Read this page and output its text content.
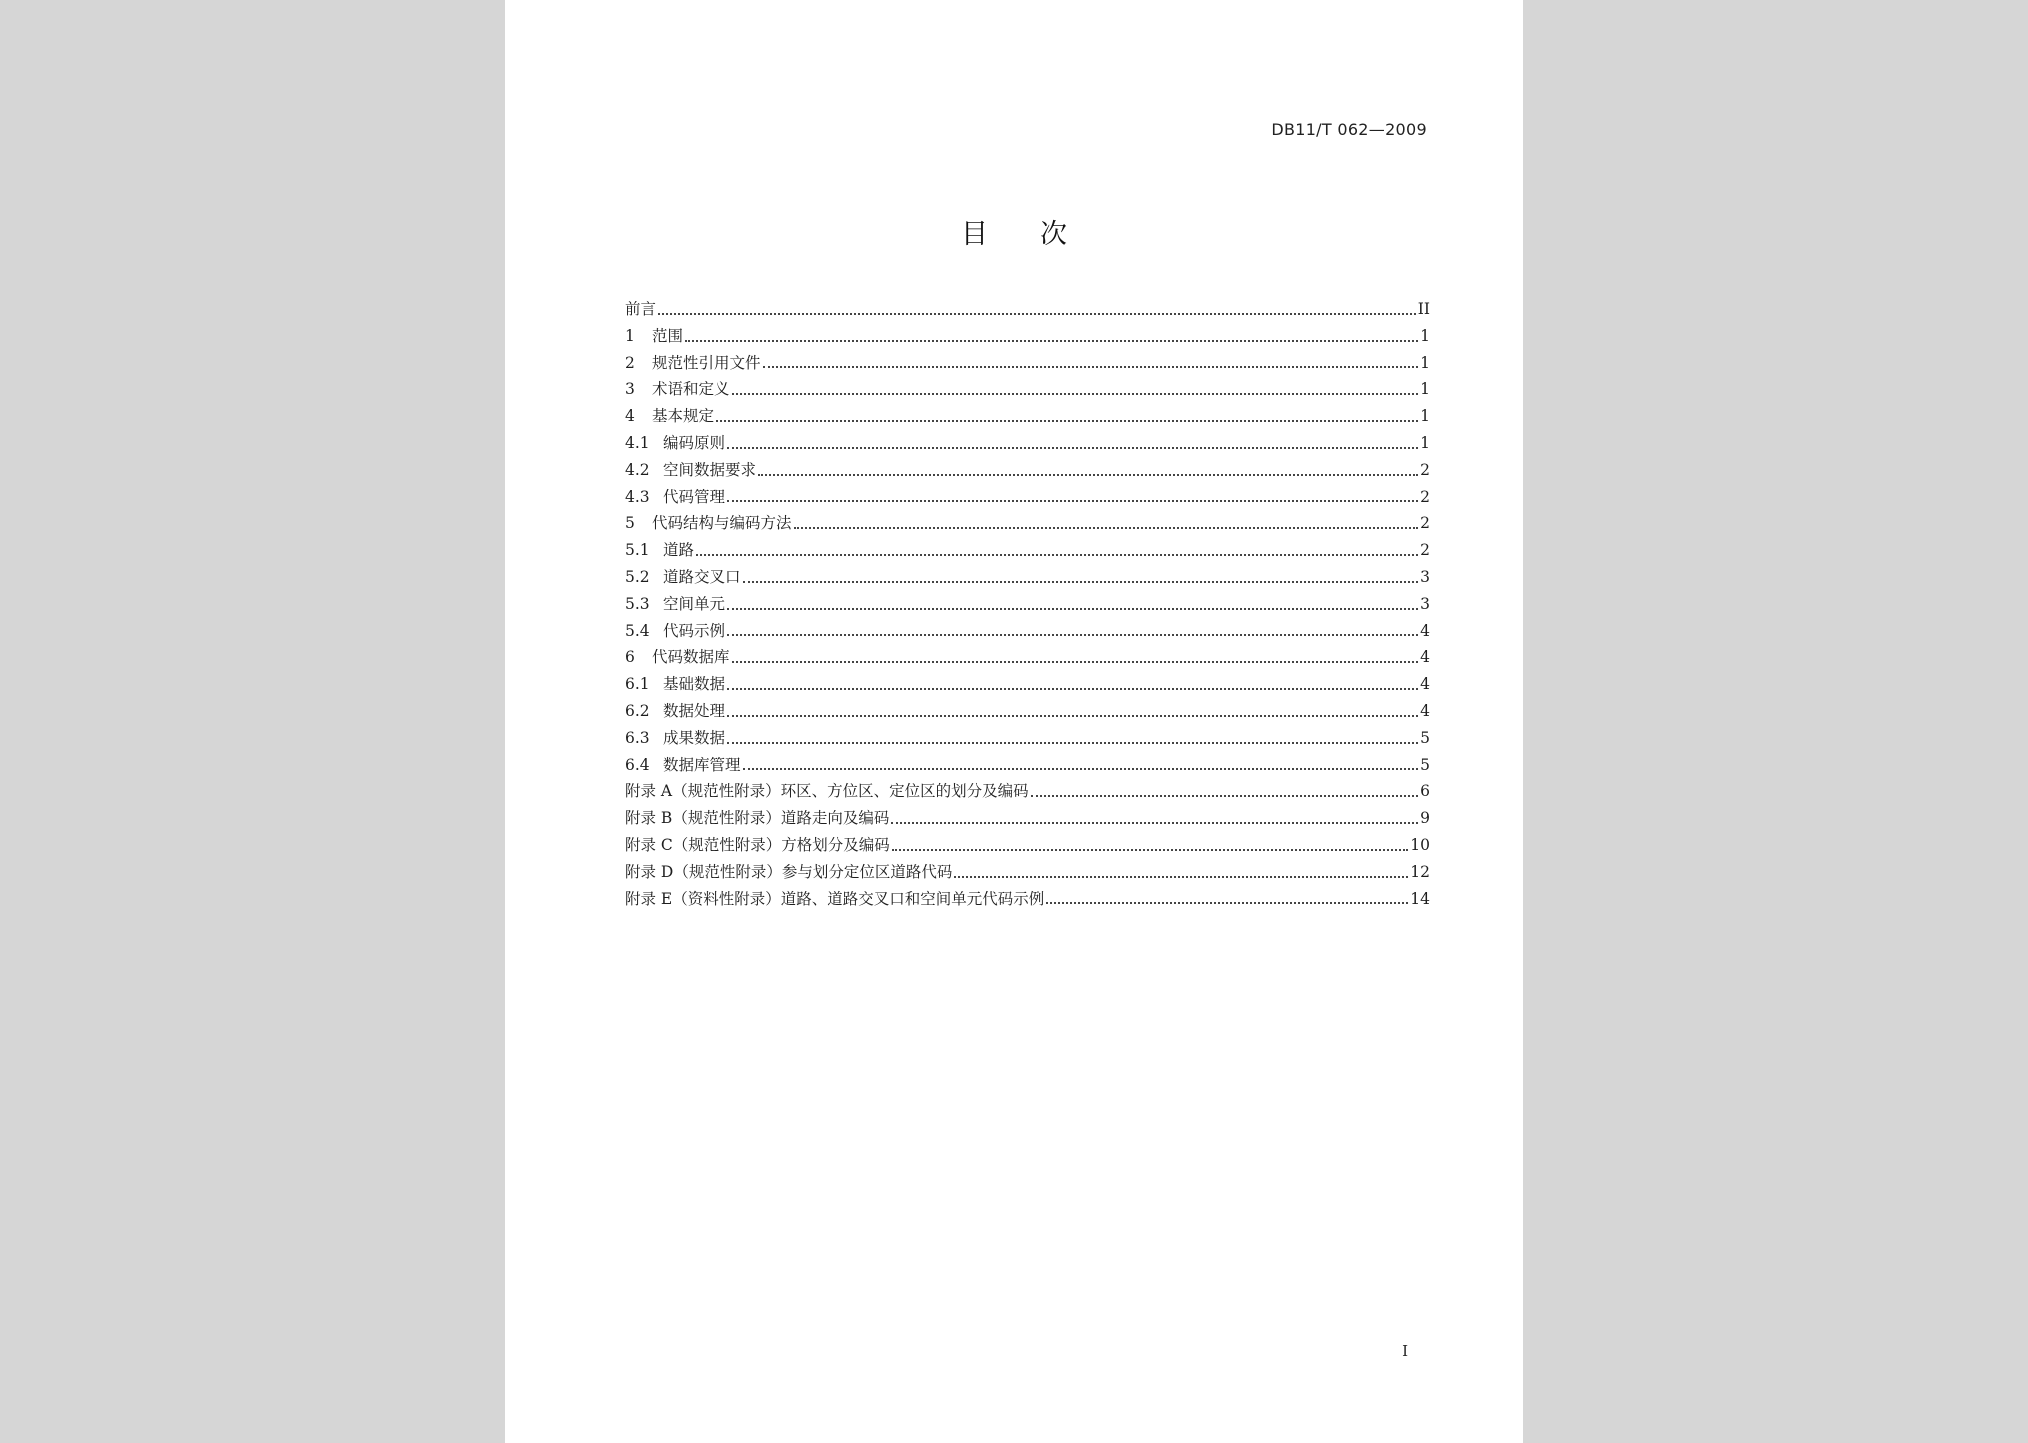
DB11/T 062—2009
目次
前言	II
1	范围	1
2	规范性引用文件	1
3	术语和定义	1
4	基本规定	1
4.1 编码原则	1
4.2 空间数据要求	2
4.3 代码管理	2
5	代码结构与编码方法	2
5.1 道路	2
5.2 道路交叉口	3
5.3 空间单元	3
5.4 代码示例	4
6	代码数据库	4
6.1 基础数据	4
6.2 数据处理	4
6.3 成果数据	5
6.4 数据库管理	5
附录 A（规范性附录）环区、方位区、定位区的划分及编码	6
附录 B（规范性附录）道路走向及编码	9
附录 C（规范性附录）方格划分及编码	10
附录 D（规范性附录）参与划分定位区道路代码	12
附录 E（资料性附录）道路、道路交叉口和空间单元代码示例	14
I
